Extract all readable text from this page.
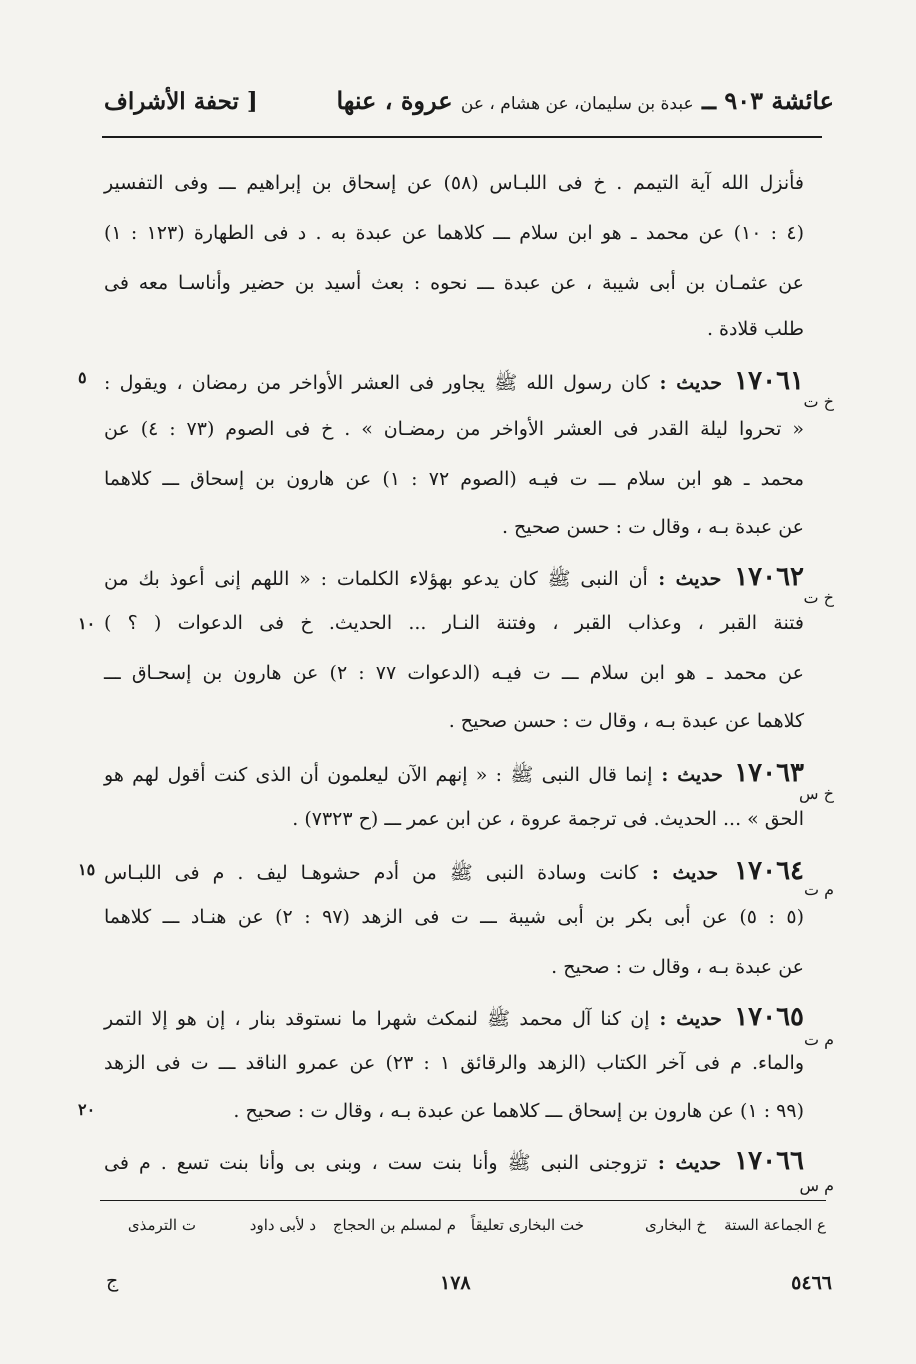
عائشة ٩٠٣ ــ عبدة بن سليمان، عن هشام ، عن عروة ، عنها
[ تحفة الأشراف
فأنزل الله آية التيمم . خ فى اللبـاس (٥٨) عن إسحاق بن إبراهيم ـــ وفى التفسير
(٤ : ١٠) عن محمد ـ هو ابن سلام ـــ كلاهما عن عبدة به . د فى الطهارة (١٢٣ : ١)
عن عثمـان بن أبى شيبة ، عن عبدة ـــ نحوه : بعث أسيد بن حضير وأناسـا معه فى
طلب قلادة .
١٧٠٦١ حديث : كان رسول الله ﷺ يجاور فى العشر الأواخر من رمضان ، ويقول :
« تحروا ليلة القدر فى العشر الأواخر من رمضـان » . خ فى الصوم (٧٣ : ٤) عن
محمد ـ هو ابن سلام ـــ ت فيـه (الصوم ٧٢ : ١) عن هارون بن إسحاق ـــ كلاهما
عن عبدة بـه ، وقال ت : حسن صحيح .
١٧٠٦٢ حديث : أن النبى ﷺ كان يدعو بهؤلاء الكلمات : « اللهم إنى أعوذ بك من
فتنة القبر ، وعذاب القبر ، وفتنة النـار ... الحديث. خ فى الدعوات ( ؟ )
عن محمد ـ هو ابن سلام ـــ ت فيـه (الدعوات ٧٧ : ٢) عن هارون بن إسحـاق ـــ
كلاهما عن عبدة بـه ، وقال ت : حسن صحيح .
١٧٠٦٣ حديث : إنما قال النبى ﷺ : « إنهم الآن ليعلمون أن الذى كنت أقول لهم هو
الحق » ... الحديث. فى ترجمة عروة ، عن ابن عمر ـــ (ح ٧٣٢٣) .
١٧٠٦٤ حديث : كانت وسادة النبى ﷺ من أدم حشوهـا ليف . م فى اللبـاس
(٥ : ٥) عن أبى بكر بن أبى شيبة ـــ ت فى الزهد (٩٧ : ٢) عن هنـاد ـــ كلاهما
عن عبدة بـه ، وقال ت : صحيح .
١٧٠٦٥ حديث : إن كنا آل محمد ﷺ لنمكث شهرا ما نستوقد بنار ، إن هو إلا التمر
والماء. م فى آخر الكتاب (الزهد والرقائق ١ : ٢٣) عن عمرو الناقد ـــ ت فى الزهد
(٩٩ : ١) عن هارون بن إسحاق ـــ كلاهما عن عبدة بـه ، وقال ت : صحيح .
١٧٠٦٦ حديث : تزوجنى النبى ﷺ وأنا بنت ست ، وبنى بى وأنا بنت تسع . م فى
٥
١٠
١٥
٢٠
خ ت
خ ت
خ س
م ت
م ت
م س
ع الجماعة الستة
خ البخارى
خت البخارى تعليقاً
م لمسلم بن الحجاج
د لأبى داود
ت الترمذى
ج	١٧٨	٥٤٦٦
